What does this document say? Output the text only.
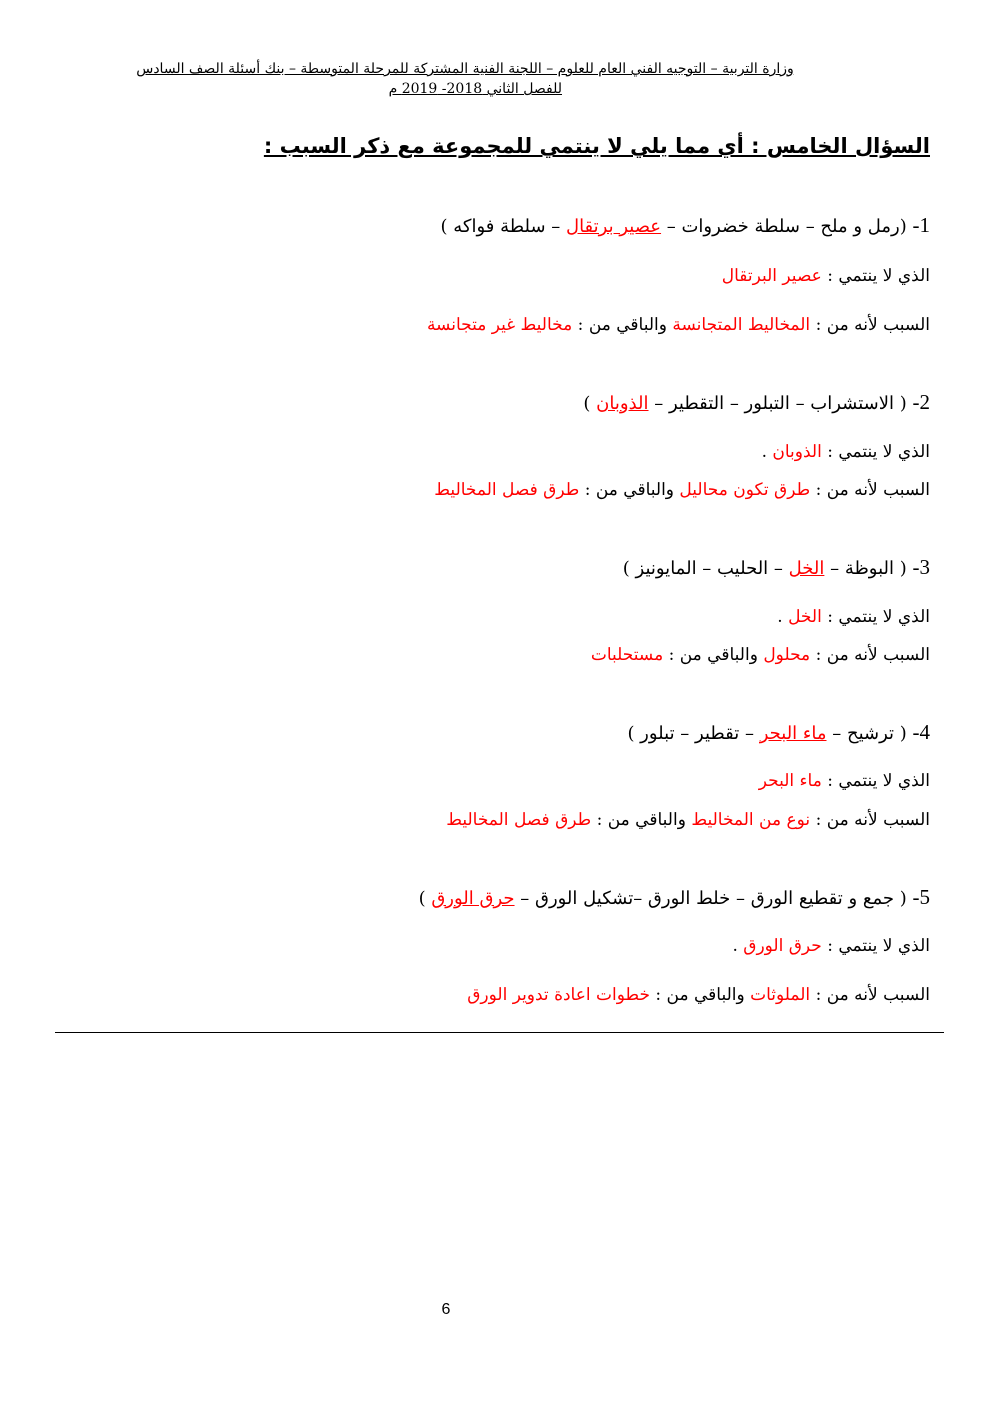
وزارة التربية – التوجيه الفني العام للعلوم – اللجنة الفنية المشتركة للمرحلة المتوسطة – بنك أسئلة الصف السادس
للفصل الثاني 2018- 2019 م
السؤال الخامس : أي مما يلي لا ينتمي للمجموعة مع ذكر السبب :
1- (رمل و ملح – سلطة خضروات – عصير برتقال – سلطة فواكه )
الذي لا ينتمي : عصير البرتقال
السبب لأنه من : المخاليط المتجانسة والباقي من : مخاليط غير متجانسة
2- ( الاستشراب – التبلور – التقطير – الذوبان )
الذي لا ينتمي : الذوبان .
السبب لأنه من : طرق تكون محاليل والباقي من : طرق فصل المخاليط
3- ( البوظة – الخل – الحليب – المايونيز )
الذي لا ينتمي : الخل .
السبب لأنه من : محلول والباقي من : مستحلبات
4- ( ترشيح – ماء البحر – تقطير – تبلور )
الذي لا ينتمي : ماء البحر
السبب لأنه من : نوع من المخاليط والباقي من : طرق فصل المخاليط
5- ( جمع و تقطيع الورق – خلط الورق –تشكيل الورق – حرق الورق )
الذي لا ينتمي : حرق الورق .
السبب لأنه من : الملوثات والباقي من : خطوات اعادة تدوير الورق
6
